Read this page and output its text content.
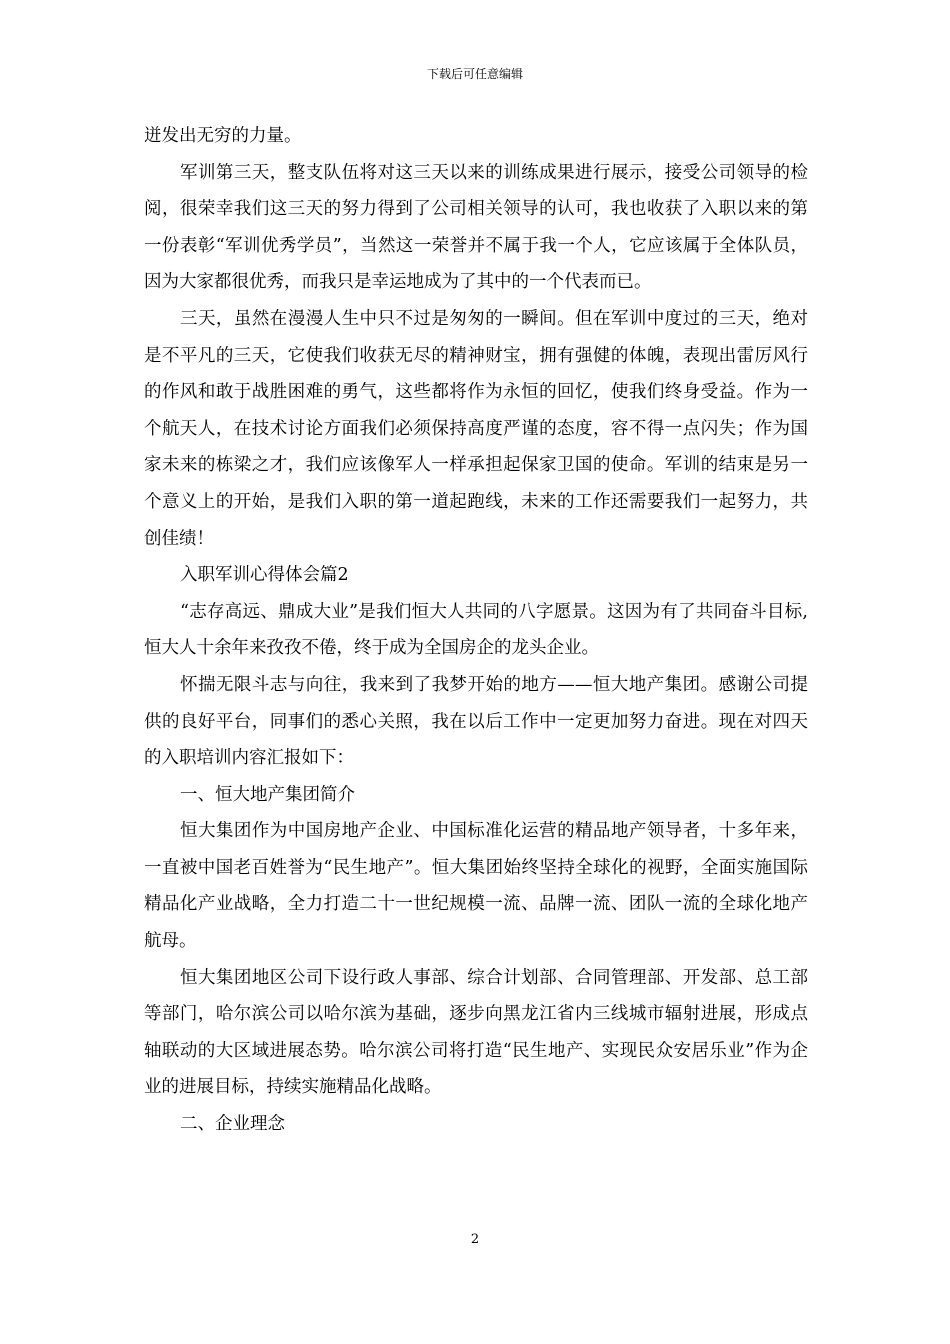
下载后可任意编辑

迸发出无穷的力量。

军训第三天，整支队伍将对这三天以来的训练成果进行展示，接受公司领导的检阅，很荣幸我们这三天的努力得到了公司相关领导的认可，我也收获了入职以来的第一份表彰“军训优秀学员”，当然这一荣誉并不属于我一个人，它应该属于全体队员，因为大家都很优秀，而我只是幸运地成为了其中的一个代表而已。

三天，虽然在漫漫人生中只不过是匆匆的一瞬间。但在军训中度过的三天，绝对是不平凡的三天，它使我们收获无尽的精神财宝，拥有强健的体魄，表现出雷厉风行的作风和敢于战胜困难的勇气，这些都将作为永恒的回忆，使我们终身受益。作为一个航天人，在技术讨论方面我们必须保持高度严谨的态度，容不得一点闪失；作为国家未来的栋梁之才，我们应该像军人一样承担起保家卫国的使命。军训的结束是另一个意义上的开始，是我们入职的第一道起跑线，未来的工作还需要我们一起努力，共创佳绩！

入职军训心得体会篇2

“志存高远、鼎成大业”是我们恒大人共同的八字愿景。这因为有了共同奋斗目标,恒大人十余年来孜孜不倦，终于成为全国房企的龙头企业。

怀揣无限斗志与向往，我来到了我梦开始的地方——恒大地产集团。感谢公司提供的良好平台，同事们的悉心关照，我在以后工作中一定更加努力奋进。现在对四天的入职培训内容汇报如下：

一、恒大地产集团简介

恒大集团作为中国房地产企业、中国标准化运营的精品地产领导者，十多年来，一直被中国老百姓誉为“民生地产”。恒大集团始终坚持全球化的视野，全面实施国际精品化产业战略，全力打造二十一世纪规模一流、品牌一流、团队一流的全球化地产航母。

恒大集团地区公司下设行政人事部、综合计划部、合同管理部、开发部、总工部等部门，哈尔滨公司以哈尔滨为基础，逐步向黑龙江省内三线城市辐射进展，形成点轴联动的大区域进展态势。哈尔滨公司将打造“民生地产、实现民众安居乐业”作为企业的进展目标，持续实施精品化战略。

二、企业理念

2
